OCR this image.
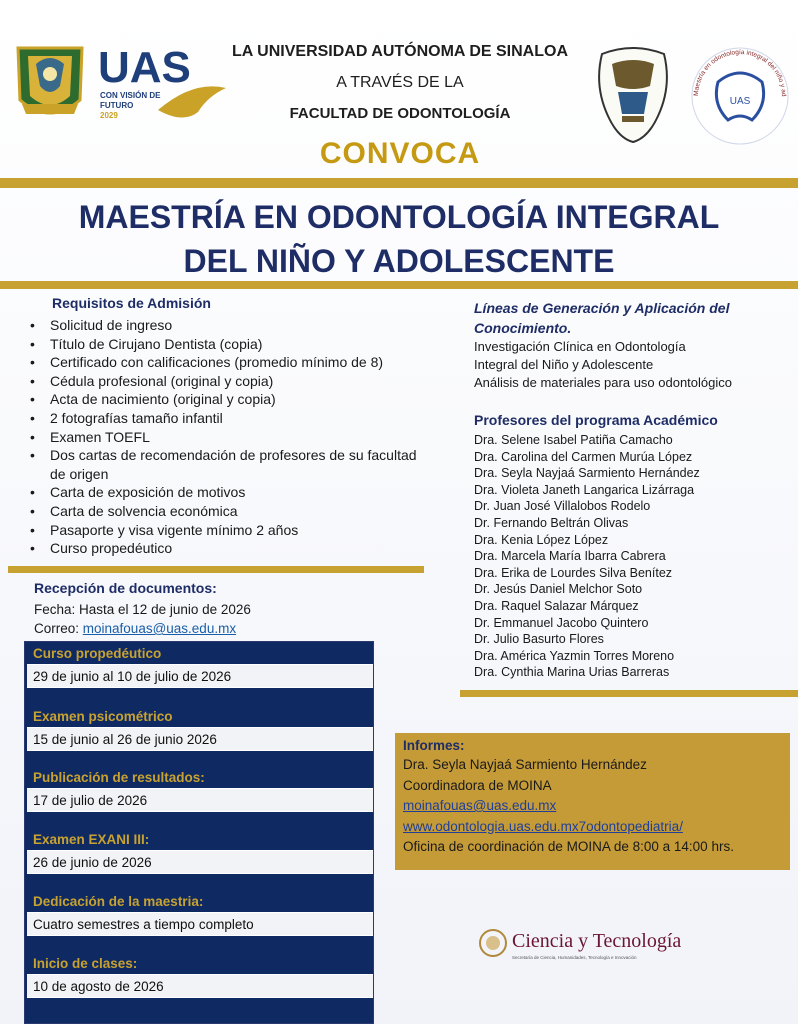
UAS
CON VISIÓN DE
FUTURO
2029
UAS
Maestría en odontología integral del niño y ad
LA UNIVERSIDAD AUTÓNOMA DE SINALOA
A TRAVÉS DE LA
FACULTAD DE ODONTOLOGÍA
CONVOCA
MAESTRÍA EN ODONTOLOGÍA INTEGRAL
DEL NIÑO Y ADOLESCENTE
Requisitos de Admisión
• Solicitud de ingreso
• Título de Cirujano Dentista (copia)
• Certificado con calificaciones (promedio mínimo de 8)
• Cédula profesional (original y copia)
• Acta de nacimiento (original y copia)
• 2 fotografías tamaño infantil
• Examen TOEFL
• Dos cartas de recomendación de profesores de su facultad de origen
• Carta de exposición de motivos
• Carta de solvencia económica
• Pasaporte y visa vigente mínimo 2 años
• Curso propedéutico
Líneas de Generación y Aplicación del Conocimiento.
Investigación Clínica en Odontología
Integral del Niño y Adolescente
Análisis de materiales para uso odontológico
Profesores del programa Académico
Dra. Selene Isabel Patiña Camacho
Dra. Carolina del Carmen Murúa López
Dra. Seyla Nayjaá Sarmiento Hernández
Dra. Violeta Janeth Langarica Lizárraga
Dr. Juan José Villalobos Rodelo
Dr. Fernando Beltrán Olivas
Dra. Kenia López López
Dra. Marcela María Ibarra Cabrera
Dra. Erika de Lourdes Silva Benítez
Dr. Jesús Daniel Melchor Soto
Dra. Raquel Salazar Márquez
Dr. Emmanuel Jacobo Quintero
Dr. Julio Basurto Flores
Dra. América Yazmin Torres Moreno
Dra. Cynthia Marina Urias Barreras
Recepción de documentos:
Fecha: Hasta el 12 de junio de 2026
Correo: moinafouas@uas.edu.mx
Curso propedéutico
29 de junio al 10 de julio de 2026
Examen psicométrico
15 de junio al 26 de junio 2026
Publicación de resultados:
17 de julio de 2026
Examen EXANI III:
26 de junio de 2026
Dedicación de la maestria:
Cuatro semestres a tiempo completo
Inicio de clases:
10 de agosto de 2026
Informes:
Dra. Seyla Nayjaá Sarmiento Hernández
Coordinadora de MOINA
moinafouas@uas.edu.mx
www.odontologia.uas.edu.mx7odontopediatria/
Oficina de coordinación de MOINA de 8:00 a 14:00 hrs.
Ciencia y Tecnología
Secretaría de Ciencia, Humanidades, Tecnología e Innovación
